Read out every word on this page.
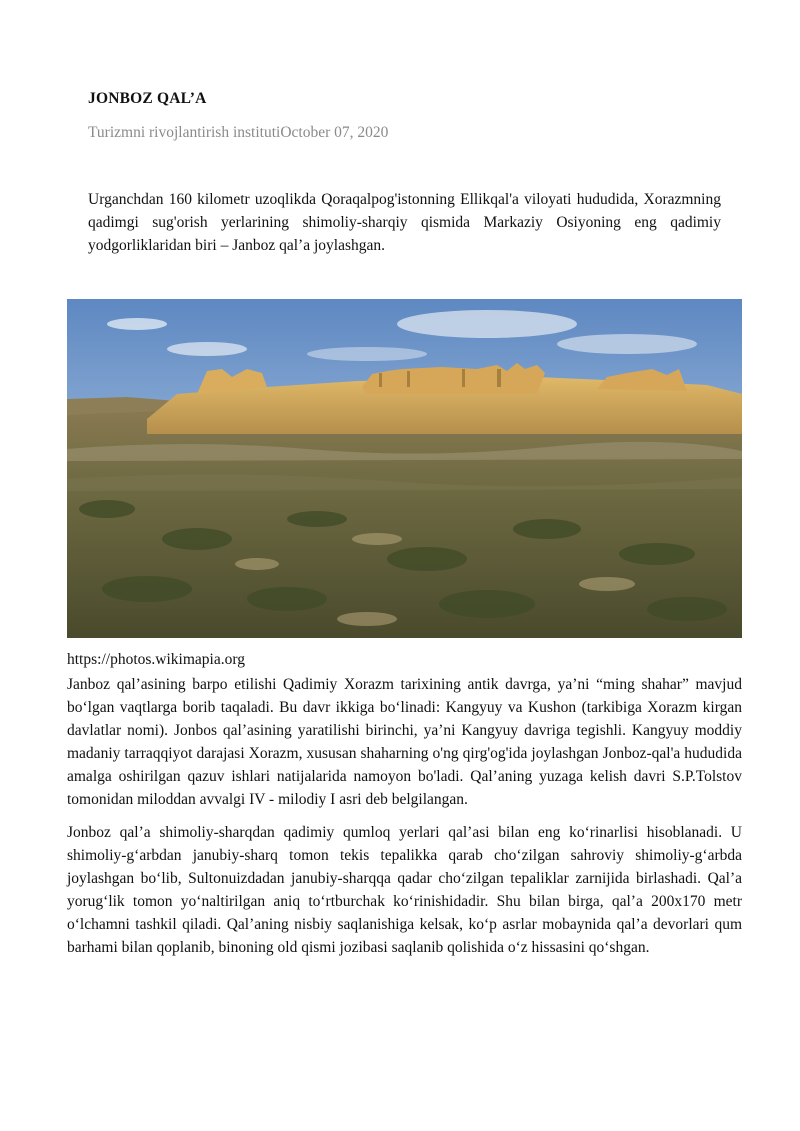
JONBOZ QAL’A
Turizmni rivojlantirish institutiOctober 07, 2020
Urganchdan 160 kilometr uzoqlikda Qoraqalpog'istonning Ellikqal'a viloyati hududida, Xorazmning qadimgi sug'orish yerlarining shimoliy-sharqiy qismida Markaziy Osiyoning eng qadimiy yodgorliklaridan biri – Janboz qal’a joylashgan.
https://photos.wikimapia.org

Janboz qal’asining barpo etilishi Qadimiy Xorazm tarixining antik davrga, ya’ni “ming shahar” mavjud bo‘lgan vaqtlarga borib taqaladi. Bu davr ikkiga bo‘linadi: Kangyuy va Kushon (tarkibiga Xorazm kirgan davlatlar nomi). Jonbos qal’asining yaratilishi birinchi, ya’ni Kangyuy davriga tegishli. Kangyuy moddiy madaniy tarraqqiyot darajasi Xorazm, xususan shaharning o'ng qirg'og'ida joylashgan Jonboz-qal'a hududida amalga oshirilgan qazuv ishlari natijalarida namoyon bo'ladi. Qal’aning yuzaga kelish davri S.P.Tolstov tomonidan miloddan avvalgi IV - milodiy I asri deb belgilangan.

Jonboz qal’a shimoliy-sharqdan qadimiy qumloq yerlari qal’asi bilan eng ko‘rinarlisi hisoblanadi. U shimoliy-g‘arbdan janubiy-sharq tomon tekis tepalikka qarab cho‘zilgan sahroviy shimoliy-g‘arbda joylashgan bo‘lib, Sultonuizdadan janubiy-sharqqa qadar cho‘zilgan tepaliklar zarnijida birlashadi. Qal’a yorug‘lik tomon yo‘naltirilgan aniq to‘rtburchak ko‘rinishidadir. Shu bilan birga, qal’a 200x170 metr o‘lchamni tashkil qiladi. Qal’aning nisbiy saqlanishiga kelsak, ko‘p asrlar mobaynida qal’a devorlari qum barhami bilan qoplanib, binoning old qismi jozibasi saqlanib qolishida o‘z hissasini qo‘shgan.
